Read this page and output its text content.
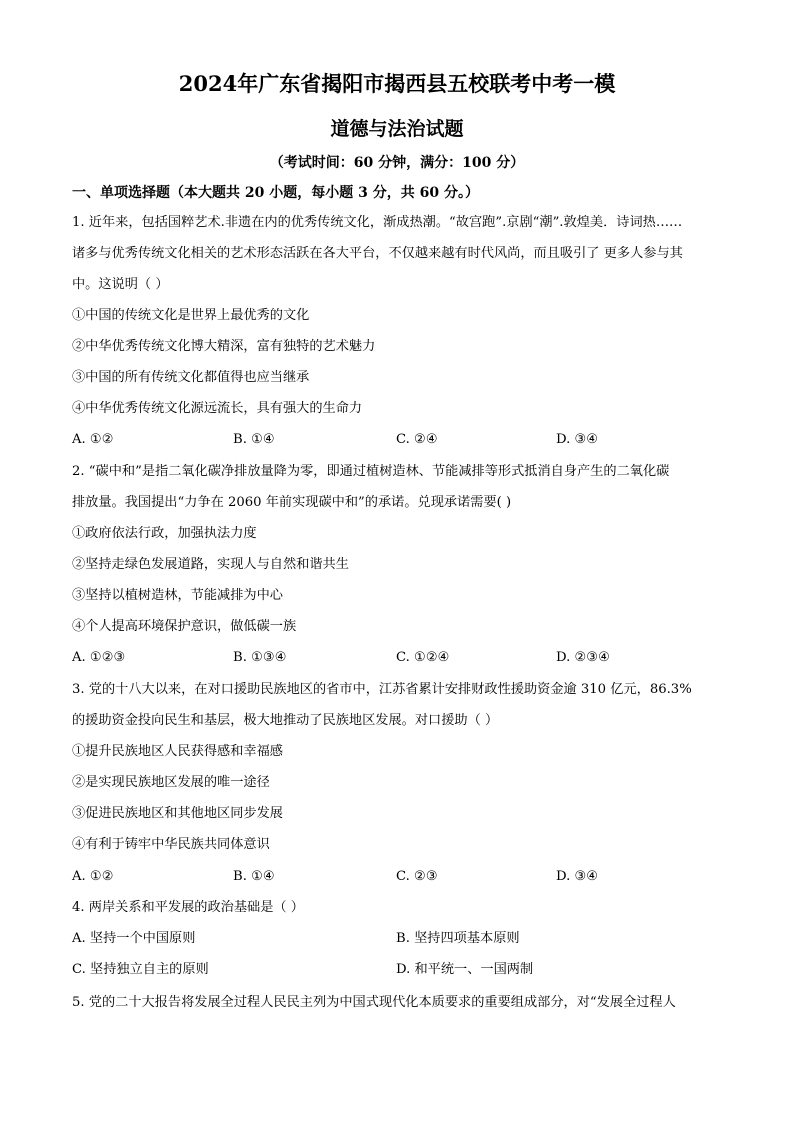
2024年广东省揭阳市揭西县五校联考中考一模
道德与法治试题
（考试时间：60 分钟，满分：100 分）
一、单项选择题（本大题共 20 小题，每小题 3 分，共 60 分。）
1. 近年来，包括国粹艺术.非遗在内的优秀传统文化，渐成热潮。“故宫跑”.京剧“潮”.敦煌美．诗词热……
诸多与优秀传统文化相关的艺术形态活跃在各大平台，不仅越来越有时代风尚，而且吸引了 更多人参与其
中。这说明（ ）
①中国的传统文化是世界上最优秀的文化
②中华优秀传统文化博大精深，富有独特的艺术魅力
③中国的所有传统文化都值得也应当继承
④中华优秀传统文化源远流长，具有强大的生命力
A. ①②	B. ①④	C. ②④	D. ③④
2. “碳中和”是指二氧化碳净排放量降为零，即通过植树造林、节能减排等形式抵消自身产生的二氧化碳
排放量。我国提出“力争在 2060 年前实现碳中和”的承诺。兑现承诺需要( )
①政府依法行政，加强执法力度
②坚持走绿色发展道路，实现人与自然和谐共生
③坚持以植树造林，节能减排为中心
④个人提高环境保护意识，做低碳一族
A. ①②③	B. ①③④	C. ①②④	D. ②③④
3. 党的十八大以来，在对口援助民族地区的省市中，江苏省累计安排财政性援助资金逾 310 亿元，86.3%
的援助资金投向民生和基层，极大地推动了民族地区发展。对口援助（ ）
①提升民族地区人民获得感和幸福感
②是实现民族地区发展的唯一途径
③促进民族地区和其他地区同步发展
④有利于铸牢中华民族共同体意识
A. ①②	B. ①④	C. ②③	D. ③④
4. 两岸关系和平发展的政治基础是（ ）
A. 坚持一个中国原则	B. 坚持四项基本原则
C. 坚持独立自主的原则	D. 和平统一、一国两制
5. 党的二十大报告将发展全过程人民民主列为中国式现代化本质要求的重要组成部分，对“发展全过程人
